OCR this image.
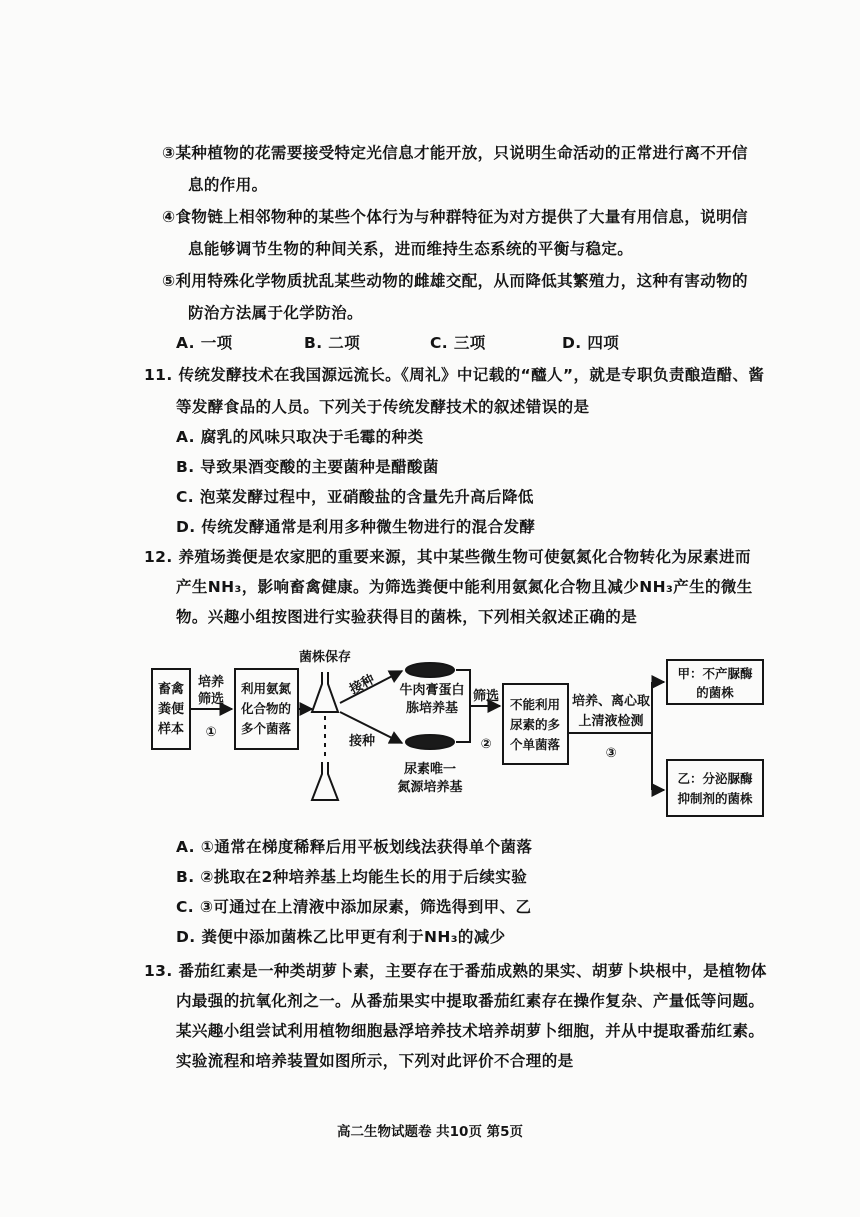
③某种植物的花需要接受特定光信息才能开放，只说明生命活动的正常进行离不开信
息的作用。
④食物链上相邻物种的某些个体行为与种群特征为对方提供了大量有用信息，说明信
息能够调节生物的种间关系，进而维持生态系统的平衡与稳定。
⑤利用特殊化学物质扰乱某些动物的雌雄交配，从而降低其繁殖力，这种有害动物的
防治方法属于化学防治。
A. 一项	B. 二项	C. 三项	D. 四项
11. 传统发酵技术在我国源远流长。《周礼》中记载的“醯人”，就是专职负责酿造醋、酱
等发酵食品的人员。下列关于传统发酵技术的叙述错误的是
A. 腐乳的风味只取决于毛霉的种类
B. 导致果酒变酸的主要菌种是醋酸菌
C. 泡菜发酵过程中，亚硝酸盐的含量先升高后降低
D. 传统发酵通常是利用多种微生物进行的混合发酵
12. 养殖场粪便是农家肥的重要来源，其中某些微生物可使氨氮化合物转化为尿素进而
产生NH₃，影响畜禽健康。为筛选粪便中能利用氨氮化合物且减少NH₃产生的微生
物。兴趣小组按图进行实验获得目的菌株，下列相关叙述正确的是
畜禽
粪便
样本
培养
筛选
①
利用氨氮
化合物的
多个菌落
菌株保存
接种
接种
牛肉膏蛋白
胨培养基
尿素唯一
氮源培养基
筛选
②
不能利用
尿素的多
个单菌落
培养、离心取
上清液检测
③
甲：不产脲酶
的菌株
乙：分泌脲酶
抑制剂的菌株
A. ①通常在梯度稀释后用平板划线法获得单个菌落
B. ②挑取在2种培养基上均能生长的用于后续实验
C. ③可通过在上清液中添加尿素，筛选得到甲、乙
D. 粪便中添加菌株乙比甲更有利于NH₃的减少
13. 番茄红素是一种类胡萝卜素，主要存在于番茄成熟的果实、胡萝卜块根中，是植物体
内最强的抗氧化剂之一。从番茄果实中提取番茄红素存在操作复杂、产量低等问题。
某兴趣小组尝试利用植物细胞悬浮培养技术培养胡萝卜细胞，并从中提取番茄红素。
实验流程和培养装置如图所示，下列对此评价不合理的是
高二生物试题卷 共10页 第5页
